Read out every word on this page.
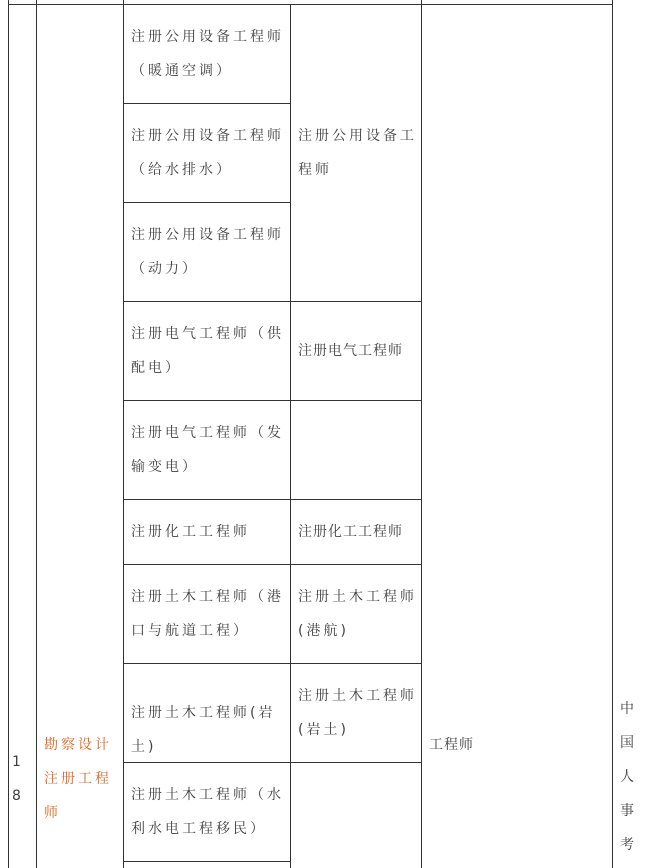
1
8
勘察设计注册工程师
注册公用设备工程师（暖通空调）
注册公用设备工程师（给水排水）
注册公用设备工程师（动力）
注册电气工程师（供配电）
注册电气工程师（发输变电）
注册化工工程师
注册土木工程师（港口与航道工程）
注册土木工程师(岩土)
注册土木工程师（水利水电工程移民）
注册公用设备工程师
注册电气工程师
注册化工工程师
注册土木工程师(港航)
注册土木工程师(岩土)
工程师
中
国
人
事
考
